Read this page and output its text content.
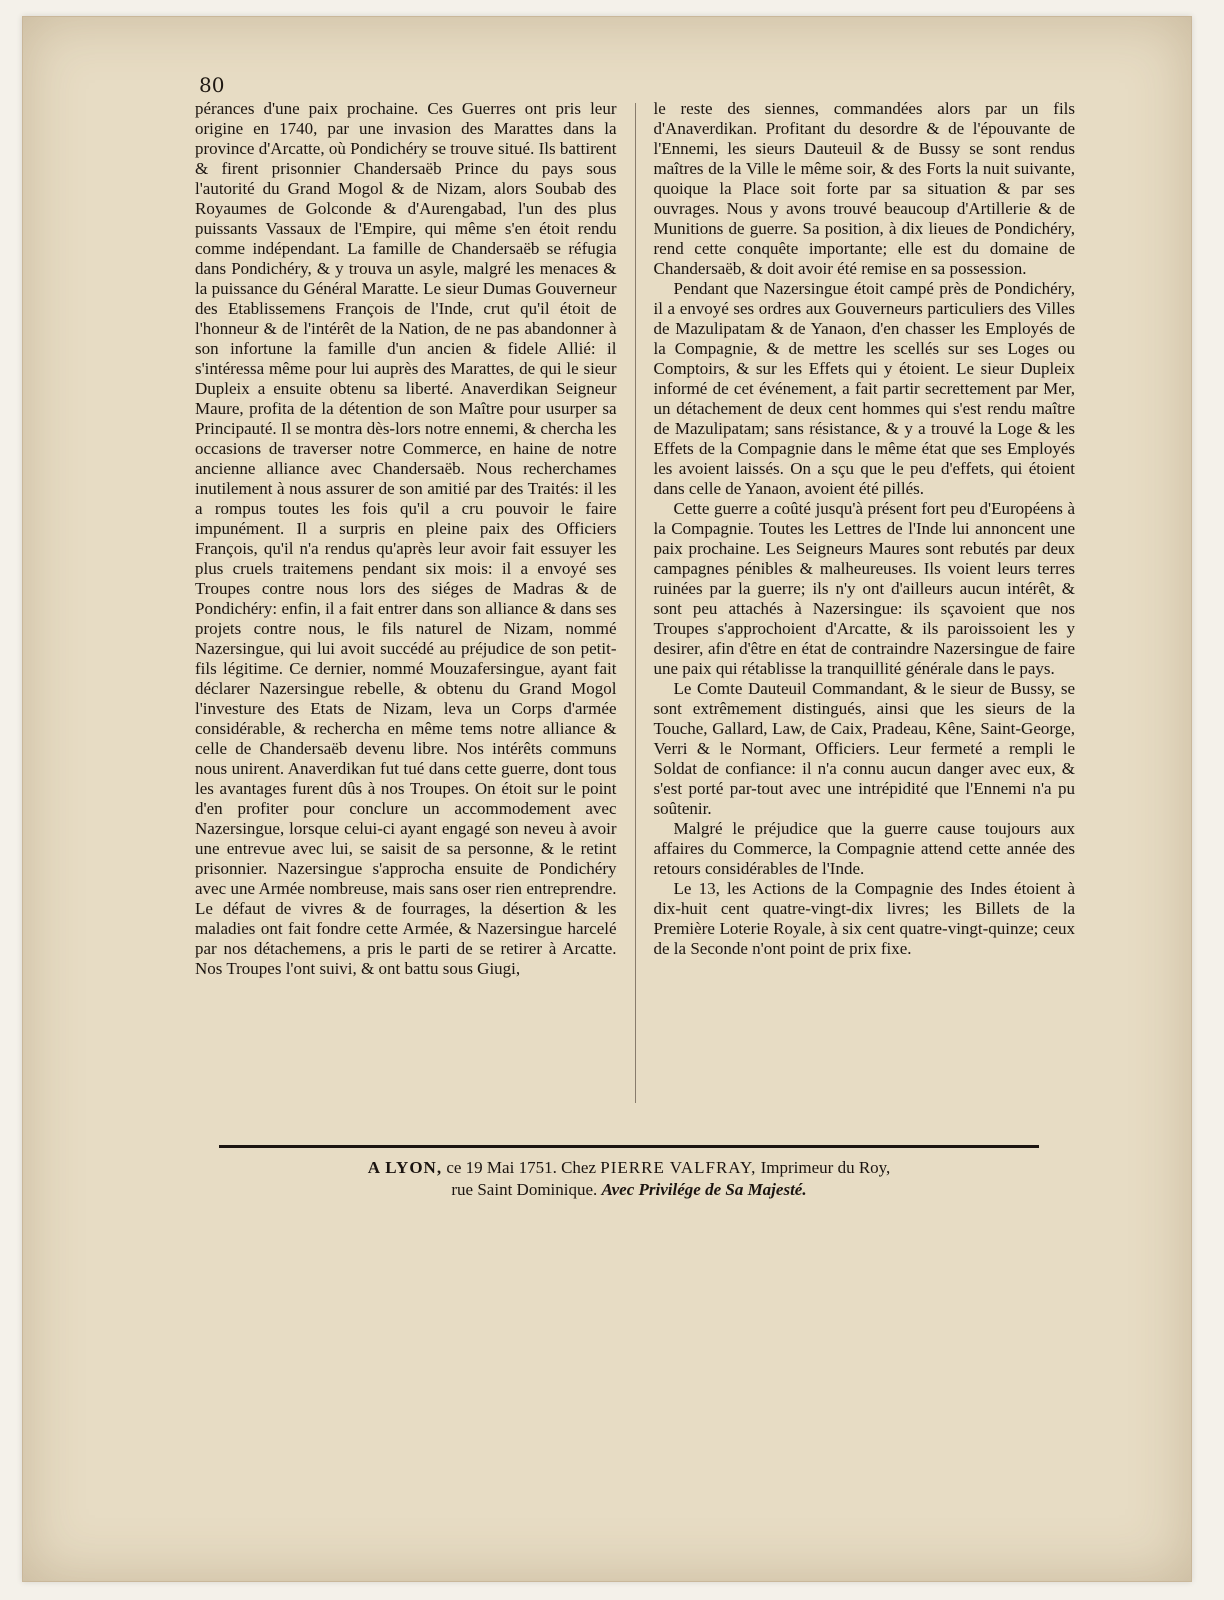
80

pérances d'une paix prochaine. Ces Guerres ont pris leur origine en 1740, par une invasion des Marattes dans la province d'Arcatte, où Pondichéry se trouve situé. Ils battirent & firent prisonnier Chandersaëb Prince du pays sous l'autorité du Grand Mogol & de Nizam, alors Soubab des Royaumes de Golconde & d'Aurengabad, l'un des plus puissants Vassaux de l'Empire, qui même s'en étoit rendu comme indépendant. La famille de Chandersaëb se réfugia dans Pondichéry, & y trouva un asyle, malgré les menaces & la puissance du Général Maratte. Le sieur Dumas Gouverneur des Etablissemens François de l'Inde, crut qu'il étoit de l'honneur & de l'intérêt de la Nation, de ne pas abandonner à son infortune la famille d'un ancien & fidele Allié: il s'intéressa même pour lui auprès des Marattes, de qui le sieur Dupleix a ensuite obtenu sa liberté. Anaverdikan Seigneur Maure, profita de la détention de son Maître pour usurper sa Principauté. Il se montra dès-lors notre ennemi, & chercha les occasions de traverser notre Commerce, en haine de notre ancienne alliance avec Chandersaëb. Nous recherchames inutilement à nous assurer de son amitié par des Traités: il les a rompus toutes les fois qu'il a cru pouvoir le faire impunément. Il a surpris en pleine paix des Officiers François, qu'il n'a rendus qu'après leur avoir fait essuyer les plus cruels traitemens pendant six mois: il a envoyé ses Troupes contre nous lors des siéges de Madras & de Pondichéry: enfin, il a fait entrer dans son alliance & dans ses projets contre nous, le fils naturel de Nizam, nommé Nazersingue, qui lui avoit succédé au préjudice de son petit-fils légitime. Ce dernier, nommé Mouzafersingue, ayant fait déclarer Nazersingue rebelle, & obtenu du Grand Mogol l'investure des Etats de Nizam, leva un Corps d'armée considérable, & rechercha en même tems notre alliance & celle de Chandersaëb devenu libre. Nos intérêts communs nous unirent. Anaverdikan fut tué dans cette guerre, dont tous les avantages furent dûs à nos Troupes. On étoit sur le point d'en profiter pour conclure un accommodement avec Nazersingue, lorsque celui-ci ayant engagé son neveu à avoir une entrevue avec lui, se saisit de sa personne, & le retint prisonnier. Nazersingue s'approcha ensuite de Pondichéry avec une Armée nombreuse, mais sans oser rien entreprendre. Le défaut de vivres & de fourrages, la désertion & les maladies ont fait fondre cette Armée, & Nazersingue harcelé par nos détachemens, a pris le parti de se retirer à Arcatte. Nos Troupes l'ont suivi, & ont battu sous Giugi,

le reste des siennes, commandées alors par un fils d'Anaverdikan. Profitant du desordre & de l'épouvante de l'Ennemi, les sieurs Dauteuil & de Bussy se sont rendus maîtres de la Ville le même soir, & des Forts la nuit suivante, quoique la Place soit forte par sa situation & par ses ouvrages. Nous y avons trouvé beaucoup d'Artillerie & de Munitions de guerre. Sa position, à dix lieues de Pondichéry, rend cette conquête importante; elle est du domaine de Chandersaëb, & doit avoir été remise en sa possession.

Pendant que Nazersingue étoit campé près de Pondichéry, il a envoyé ses ordres aux Gouverneurs particuliers des Villes de Mazulipatam & de Yanaon, d'en chasser les Employés de la Compagnie, & de mettre les scellés sur ses Loges ou Comptoirs, & sur les Effets qui y étoient. Le sieur Dupleix informé de cet événement, a fait partir secrettement par Mer, un détachement de deux cent hommes qui s'est rendu maître de Mazulipatam; sans résistance, & y a trouvé la Loge & les Effets de la Compagnie dans le même état que ses Employés les avoient laissés. On a sçu que le peu d'effets, qui étoient dans celle de Yanaon, avoient été pillés.

Cette guerre a coûté jusqu'à présent fort peu d'Européens à la Compagnie. Toutes les Lettres de l'Inde lui annoncent une paix prochaine. Les Seigneurs Maures sont rebutés par deux campagnes pénibles & malheureuses. Ils voient leurs terres ruinées par la guerre; ils n'y ont d'ailleurs aucun intérêt, & sont peu attachés à Nazersingue: ils sçavoient que nos Troupes s'approchoient d'Arcatte, & ils paroissoient les y desirer, afin d'être en état de contraindre Nazersingue de faire une paix qui rétablisse la tranquillité générale dans le pays.

Le Comte Dauteuil Commandant, & le sieur de Bussy, se sont extrêmement distingués, ainsi que les sieurs de la Touche, Gallard, Law, de Caix, Pradeau, Kêne, Saint-George, Verri & le Normant, Officiers. Leur fermeté a rempli le Soldat de confiance: il n'a connu aucun danger avec eux, & s'est porté par-tout avec une intrépidité que l'Ennemi n'a pu soûtenir.

Malgré le préjudice que la guerre cause toujours aux affaires du Commerce, la Compagnie attend cette année des retours considérables de l'Inde.

Le 13, les Actions de la Compagnie des Indes étoient à dix-huit cent quatre-vingt-dix livres; les Billets de la Première Loterie Royale, à six cent quatre-vingt-quinze; ceux de la Seconde n'ont point de prix fixe.

A LYON, ce 19 Mai 1751. Chez PIERRE VALFRAY, Imprimeur du Roy,
rue Saint Dominique. Avec Privilége de Sa Majesté.
